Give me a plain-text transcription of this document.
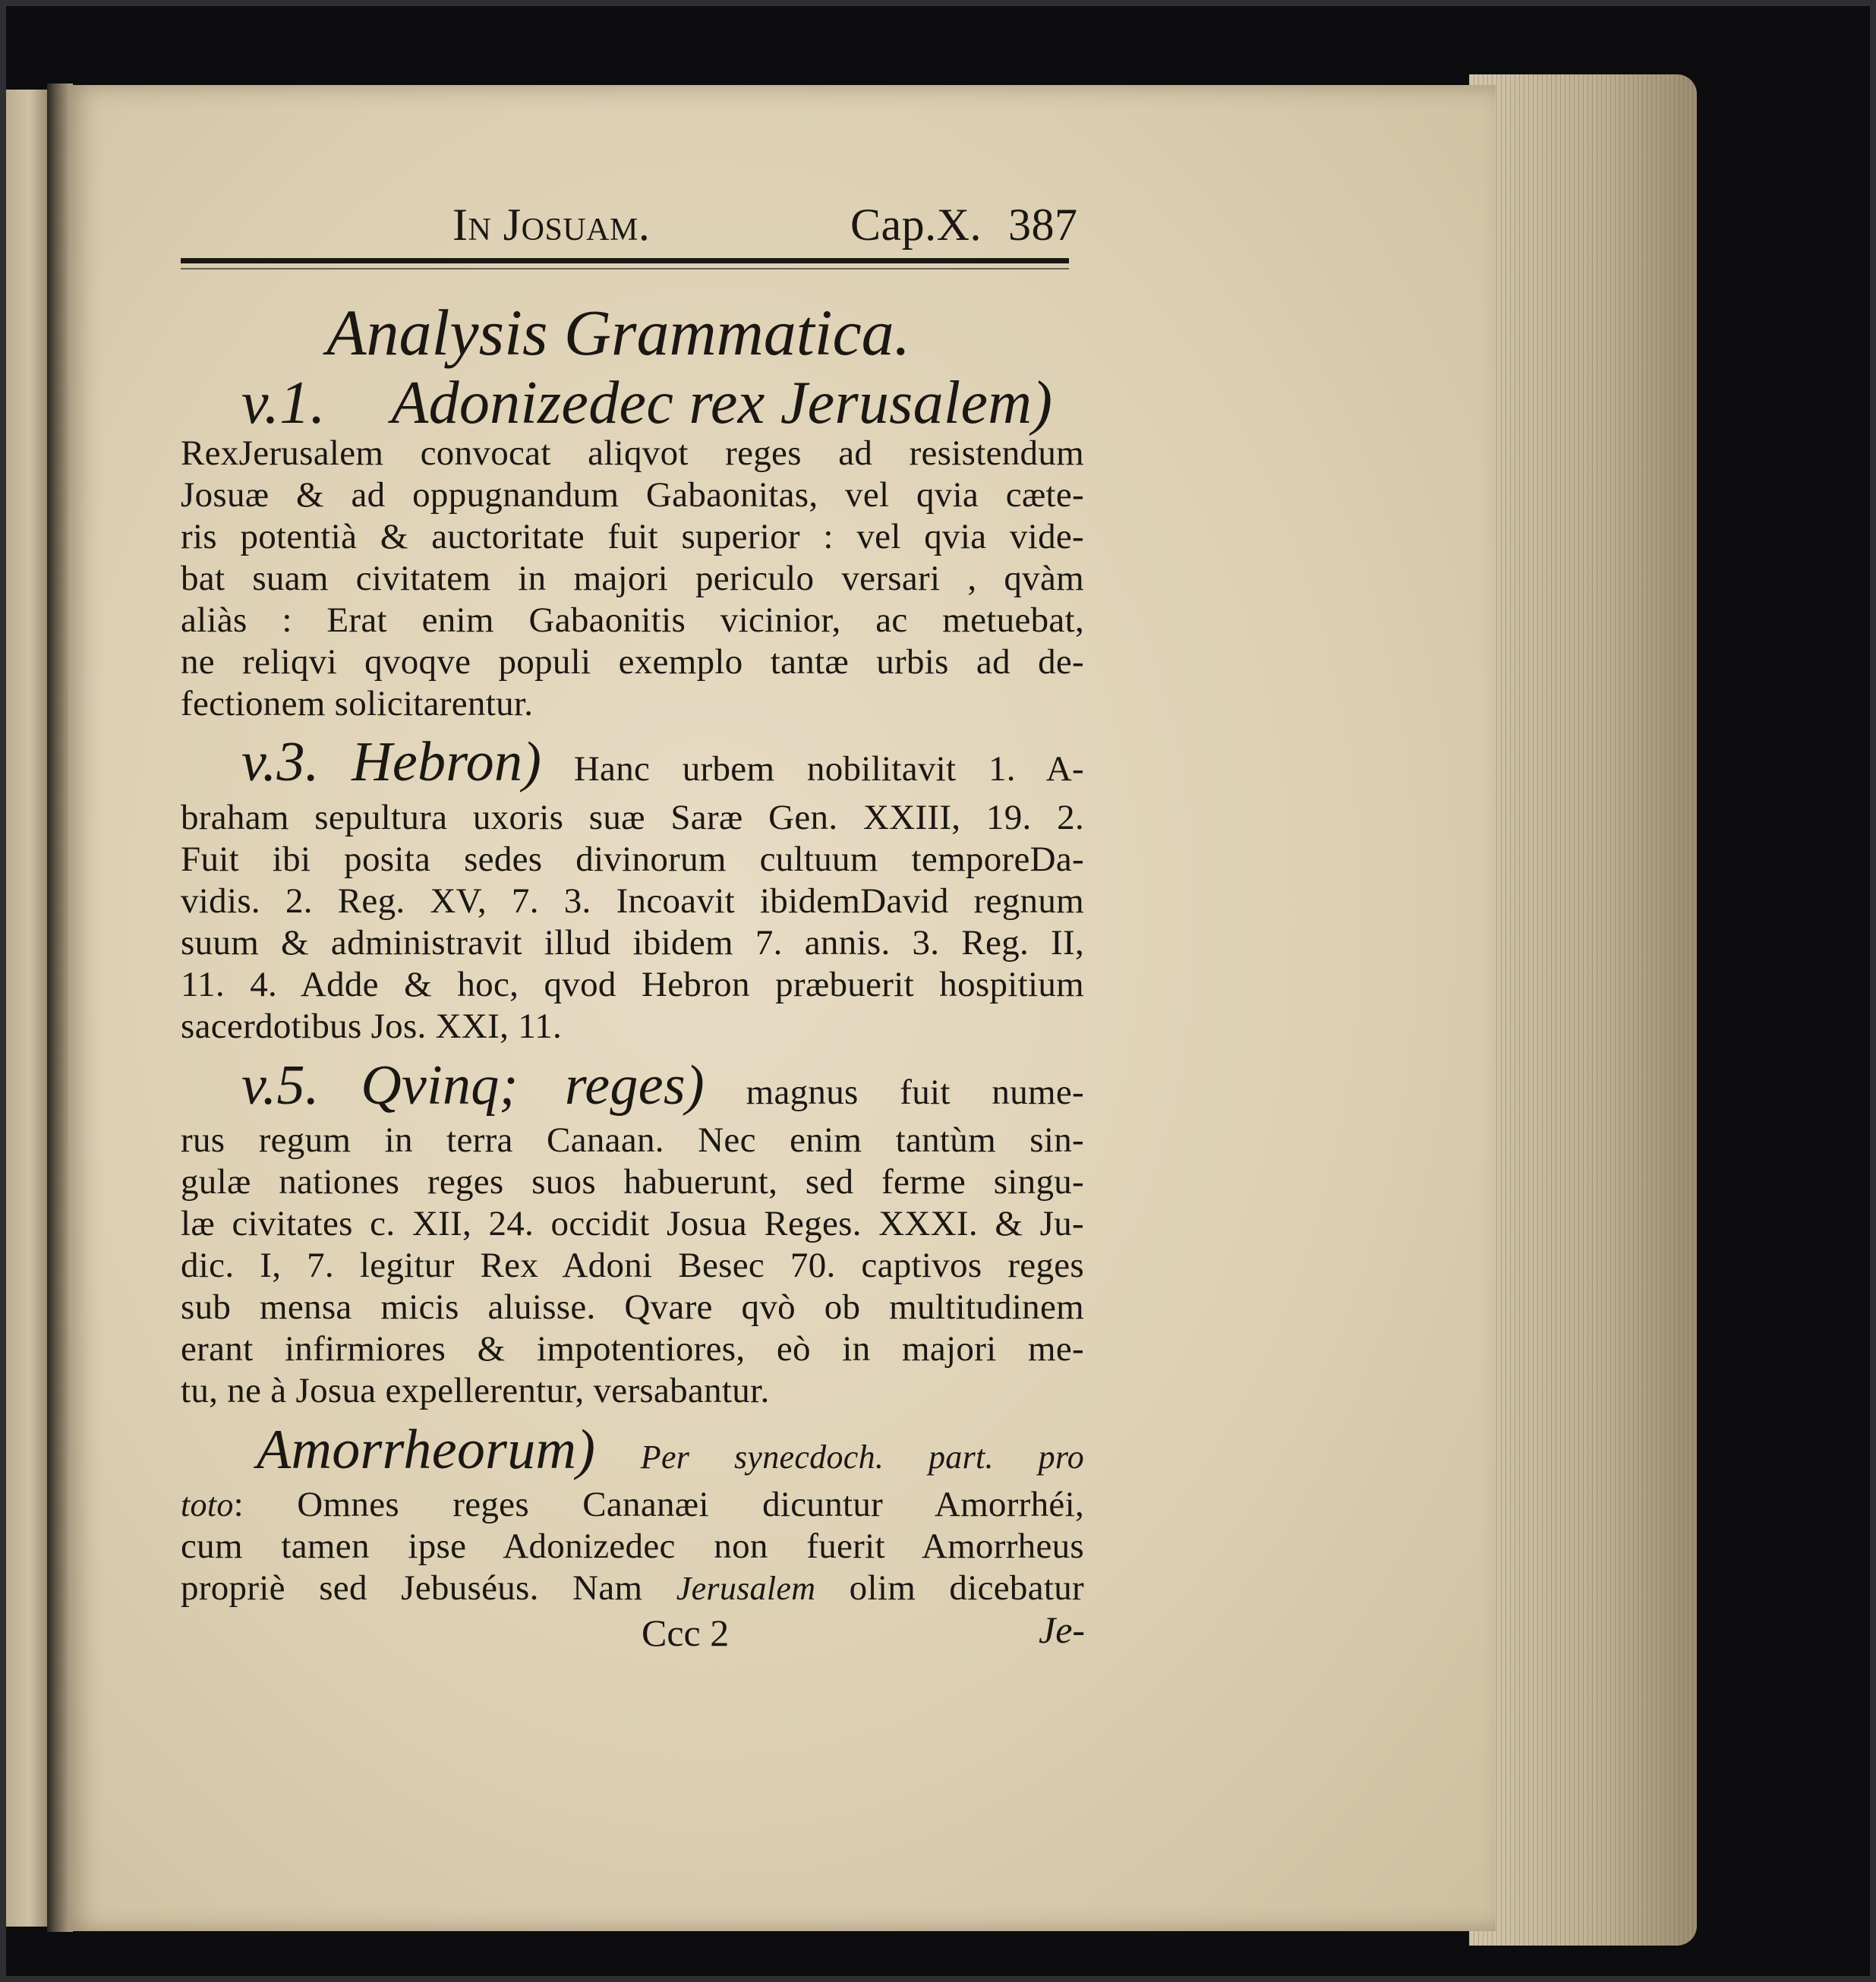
In Josuam.	Cap.X. 387
Analysis Grammatica.
v.1. Adonizedec rex Jerusalem)
RexJerusalem convocat aliqvot reges ad resistendum
Josuæ & ad oppugnandum Gabaonitas, vel qvia cæte-
ris potentià & auctoritate fuit superior : vel qvia vide-
bat suam civitatem in majori periculo versari , qvàm
aliàs : Erat enim Gabaonitis vicinior, ac metuebat,
ne reliqvi qvoqve populi exemplo tantæ urbis ad de-
fectionem solicitarentur.
v.3. Hebron) Hanc urbem nobilitavit 1. A-
braham sepultura uxoris suæ Saræ Gen. XXIII, 19. 2.
Fuit ibi posita sedes divinorum cultuum temporeDa-
vidis. 2. Reg. XV, 7. 3. Incoavit ibidemDavid regnum
suum & administravit illud ibidem 7. annis. 3. Reg. II,
11. 4. Adde & hoc, qvod Hebron præbuerit hospitium
sacerdotibus Jos. XXI, 11.
v.5. Qvinq; reges) magnus fuit nume-
rus regum in terra Canaan. Nec enim tantùm sin-
gulæ nationes reges suos habuerunt, sed ferme singu-
læ civitates c. XII, 24. occidit Josua Reges. XXXI. & Ju-
dic. I, 7. legitur Rex Adoni Besec 70. captivos reges
sub mensa micis aluisse. Qvare qvò ob multitudinem
erant infirmiores & impotentiores, eò in majori me-
tu, ne à Josua expellerentur, versabantur.
Amorrheorum) Per synecdoch. part. pro
toto: Omnes reges Cananæi dicuntur Amorrhéi,
cum tamen ipse Adonizedec non fuerit Amorrheus
propriè sed Jebuséus. Nam Jerusalem olim dicebatur
Ccc 2	Je-
